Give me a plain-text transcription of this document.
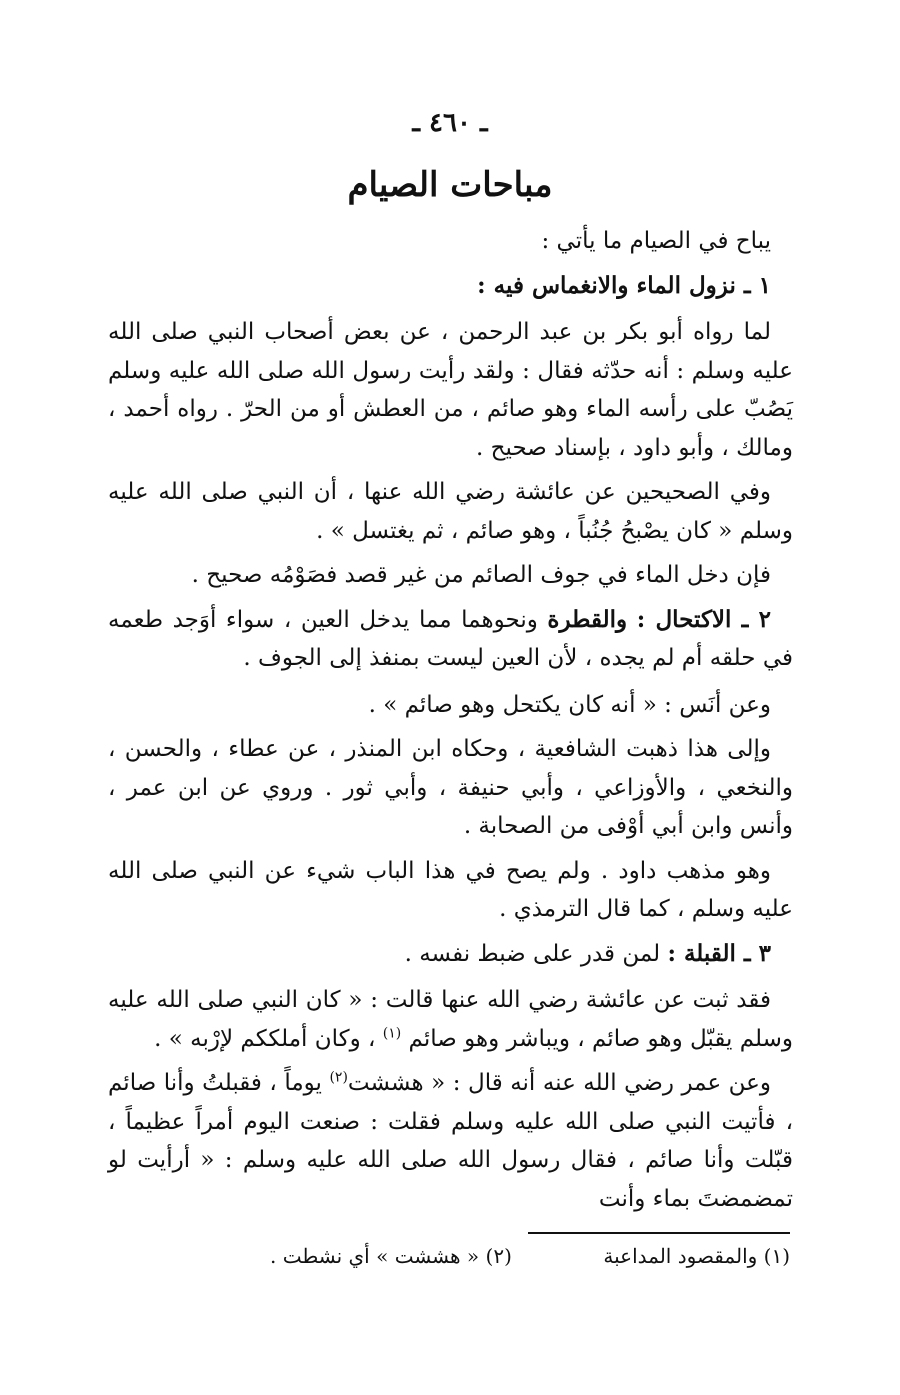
ـ ٤٦٠ ـ
مباحات الصيام

يباح في الصيام ما يأتي :

١ ـ نزول الماء والانغماس فيه :

لما رواه أبو بكر بن عبد الرحمن ، عن بعض أصحاب النبي صلى الله عليه وسلم : أنه حدّثه فقال : ولقد رأيت رسول الله صلى الله عليه وسلم يَصُبّ على رأسه الماء وهو صائم ، من العطش أو من الحرّ . رواه أحمد ، ومالك ، وأبو داود ، بإسناد صحيح .

وفي الصحيحين عن عائشة رضي الله عنها ، أن النبي صلى الله عليه وسلم « كان يصْبحُ جُنُباً ، وهو صائم ، ثم يغتسل » .

فإن دخل الماء في جوف الصائم من غير قصد فصَوْمُه صحيح .

٢ ـ الاكتحال : والقطرة ونحوهما مما يدخل العين ، سواء أوَجد طعمه في حلقه أم لم يجده ، لأن العين ليست بمنفذ إلى الجوف .

وعن أنَس : « أنه كان يكتحل وهو صائم » .

وإلى هذا ذهبت الشافعية ، وحكاه ابن المنذر ، عن عطاء ، والحسن ، والنخعي ، والأوزاعي ، وأبي حنيفة ، وأبي ثور . وروي عن ابن عمر ، وأنس وابن أبي أوْفى من الصحابة .

وهو مذهب داود . ولم يصح في هذا الباب شيء عن النبي صلى الله عليه وسلم ، كما قال الترمذي .

٣ ـ القبلة : لمن قدر على ضبط نفسه .

فقد ثبت عن عائشة رضي الله عنها قالت : « كان النبي صلى الله عليه وسلم يقبّل وهو صائم ، ويباشر وهو صائم $^{(١)}$ ، وكان أملككم لإرْبه » .

وعن عمر رضي الله عنه أنه قال : « هششت$^{(٢)}$ يوماً ، فقبلتُ وأنا صائم ، فأتيت النبي صلى الله عليه وسلم فقلت : صنعت اليوم أمراً عظيماً ، قبّلت وأنا صائم ، فقال رسول الله صلى الله عليه وسلم : « أرأيت لو تمضمضتَ بماء وأنت

(١) والمقصود المداعبة
(٢) « هششت » أي نشطت .
